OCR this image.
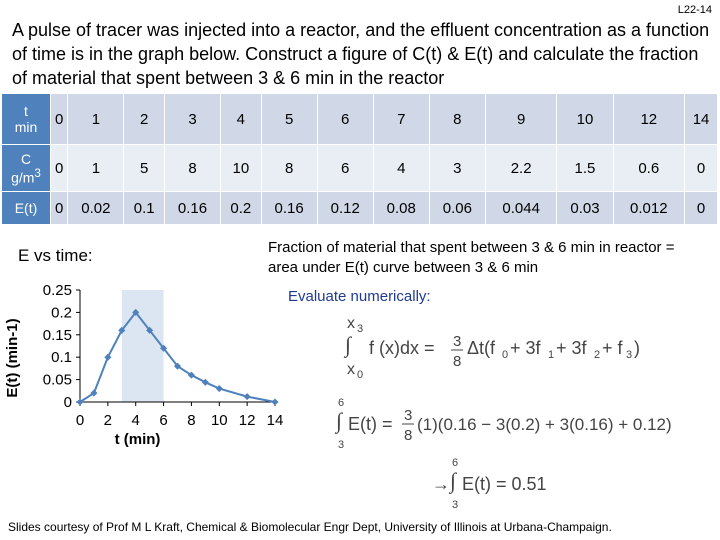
L22-14
A pulse of tracer was injected into a reactor, and the effluent concentration as a function of time is in the graph below. Construct a figure of C(t) & E(t) and calculate the fraction of material that spent between 3 & 6 min in the reactor
t
min	0	1	2	3	4	5	6	7	8	9	10	12	14
C
$g/m^3$	0	1	5	8	10	8	6	4	3	2.2	1.5	0.6	0
E(t)	0	0.02	0.1	0.16	0.2	0.16	0.12	0.08	0.06	0.044	0.03	0.012	0
E vs time:	Fraction of material that spent between 3 & 6 min in reactor = area under E(t) curve between 3 & 6 min
Evaluate numerically:
0
0.05
0.1
0.15
0.2
0.25
0 2 4 6 8 10 12 14
t (min)
E(t) (min-1)	x 3
∫
x 0
f (x)dx = 3
8
Δt(f 0 + 3f 1 + 3f 2 + f 3 )
6
∫
3
E(t) = 3
8
(1)(0.16 − 3(0.2) + 3(0.16) + 0.12)
→
6
∫
3
E(t) = 0.51
Slides courtesy of Prof M L Kraft, Chemical & Biomolecular Engr Dept, University of Illinois at Urbana-Champaign.
